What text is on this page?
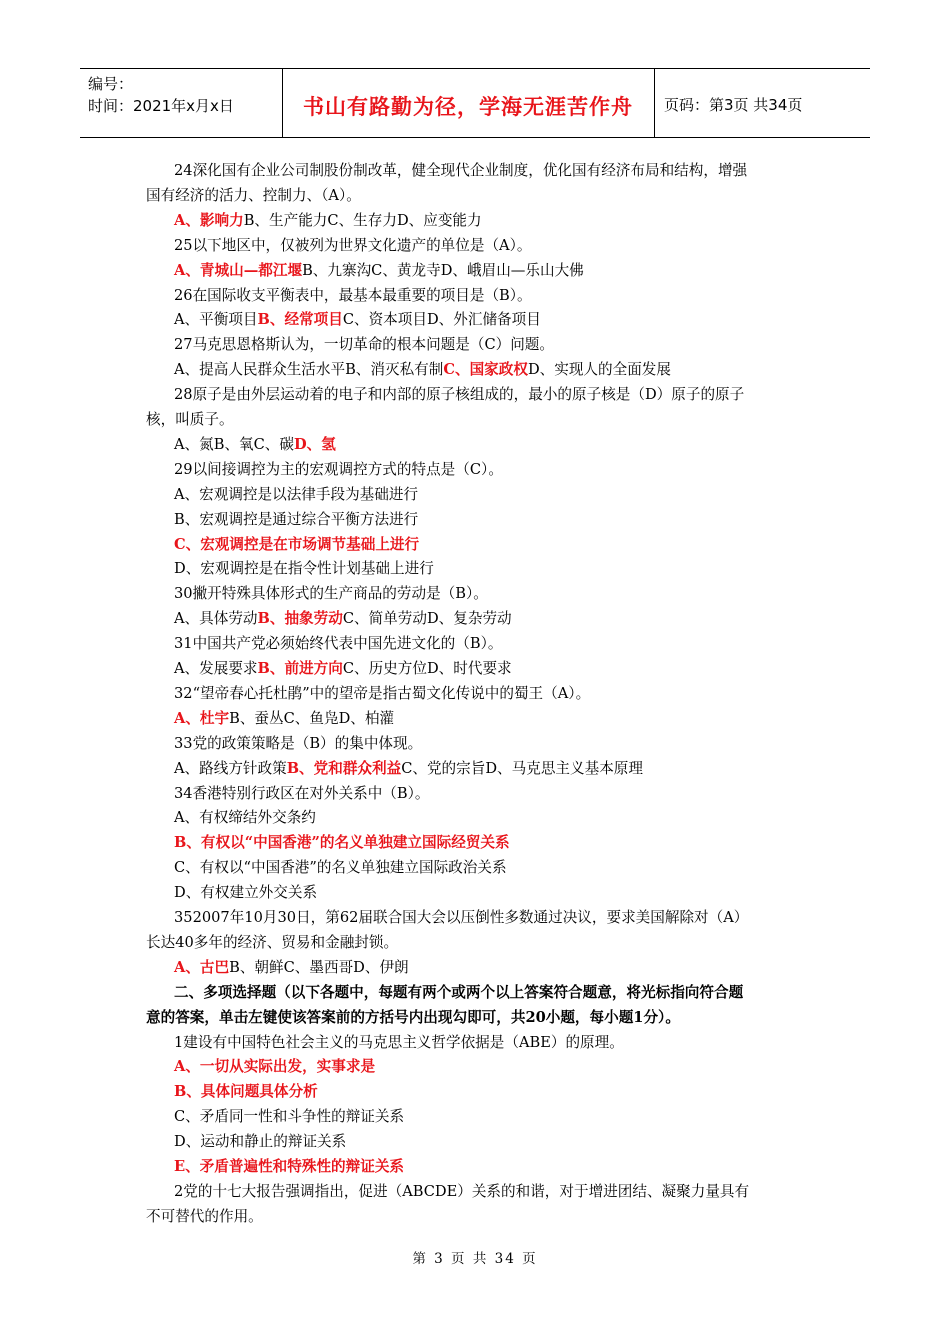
编号：
时间：2021年x月x日	书山有路勤为径，学海无涯苦作舟	页码：第3页 共34页
24深化国有企业公司制股份制改革，健全现代企业制度，优化国有经济布局和结构，增强
国有经济的活力、控制力、（A）。
A、影响力B、生产能力C、生存力D、应变能力
25以下地区中，仅被列为世界文化遗产的单位是（A）。
A、青城山—都江堰B、九寨沟C、黄龙寺D、峨眉山—乐山大佛
26在国际收支平衡表中，最基本最重要的项目是（B）。
A、平衡项目B、经常项目C、资本项目D、外汇储备项目
27马克思恩格斯认为，一切革命的根本问题是（C）问题。
A、提高人民群众生活水平B、消灭私有制C、国家政权D、实现人的全面发展
28原子是由外层运动着的电子和内部的原子核组成的，最小的原子核是（D）原子的原子
核，叫质子。
A、氮B、氧C、碳D、氢
29以间接调控为主的宏观调控方式的特点是（C）。
A、宏观调控是以法律手段为基础进行
B、宏观调控是通过综合平衡方法进行
C、宏观调控是在市场调节基础上进行
D、宏观调控是在指令性计划基础上进行
30撇开特殊具体形式的生产商品的劳动是（B）。
A、具体劳动B、抽象劳动C、简单劳动D、复杂劳动
31中国共产党必须始终代表中国先进文化的（B）。
A、发展要求B、前进方向C、历史方位D、时代要求
32“望帝春心托杜鹃”中的望帝是指古蜀文化传说中的蜀王（A）。
A、杜宇B、蚕丛C、鱼凫D、柏灌
33党的政策策略是（B）的集中体现。
A、路线方针政策B、党和群众利益C、党的宗旨D、马克思主义基本原理
34香港特别行政区在对外关系中（B）。
A、有权缔结外交条约
B、有权以“中国香港”的名义单独建立国际经贸关系
C、有权以“中国香港”的名义单独建立国际政治关系
D、有权建立外交关系
352007年10月30日，第62届联合国大会以压倒性多数通过决议，要求美国解除对（A）
长达40多年的经济、贸易和金融封锁。
A、古巴B、朝鲜C、墨西哥D、伊朗
二、多项选择题（以下各题中，每题有两个或两个以上答案符合题意，将光标指向符合题
意的答案，单击左键使该答案前的方括号内出现勾即可，共20小题，每小题1分）。
1建设有中国特色社会主义的马克思主义哲学依据是（ABE）的原理。
A、一切从实际出发，实事求是
B、具体问题具体分析
C、矛盾同一性和斗争性的辩证关系
D、运动和静止的辩证关系
E、矛盾普遍性和特殊性的辩证关系
2党的十七大报告强调指出，促进（ABCDE）关系的和谐，对于增进团结、凝聚力量具有
不可替代的作用。
第 3 页 共 34 页
